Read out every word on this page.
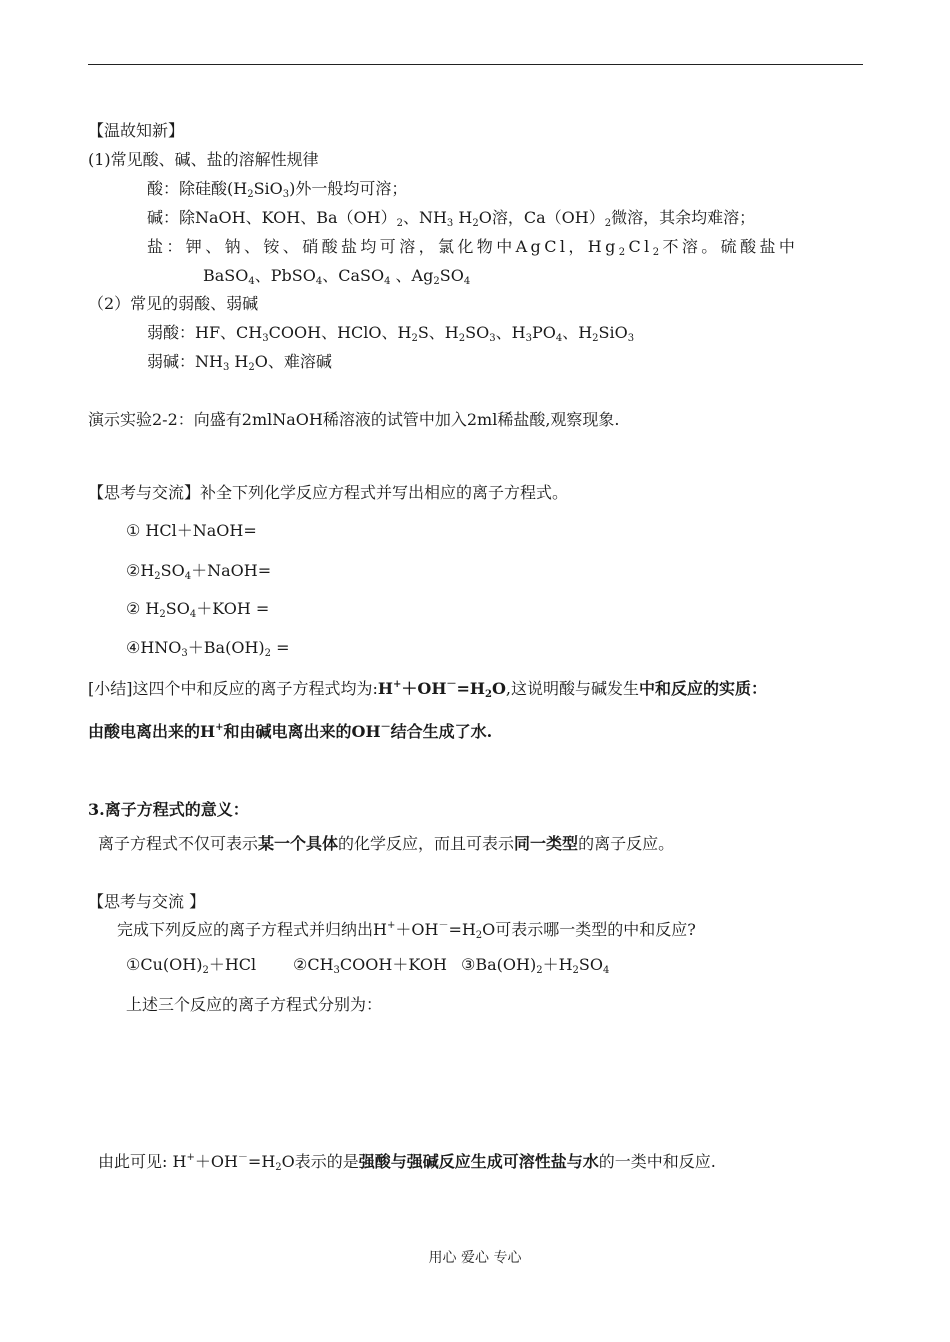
【温故知新】
(1)常见酸、碱、盐的溶解性规律
酸：除硅酸$(H_2SiO_3)$外一般均可溶；
碱：除NaOH、KOH、$Ba(OH)_2$、$NH_3$ $H_2O$溶，$Ca(OH)_2$微溶，其余均难溶；
盐：钾、钠、铵、硝酸盐均可溶，氯化物中AgCl，$Hg_2Cl_2$不溶。硫酸盐中
BaSO$_4$、PbSO$_4$、CaSO$_4$ 、$Ag_2SO_4$
（2）常见的弱酸、弱碱
弱酸：HF、$CH_3COOH$、HClO、$H_2S$、$H_2SO_3$、$H_3PO_4$、$H_2SiO_3$
弱碱：$NH_3$ $H_2O$、难溶碱
演示实验2-2：向盛有2mlNaOH稀溶液的试管中加入2ml稀盐酸,观察现象.
【思考与交流】补全下列化学反应方程式并写出相应的离子方程式。
① HCl＋NaOH=
$②H_2SO_4+NaOH=$
② $H_2SO_4+KOH$ =
$④HNO_3+Ba(OH)_2$ =
[小结]这四个中和反应的离子方程式均为$:H^++OH^-=H_2O$,这说明酸与碱发生中和反应的实质：
由酸电离出来的H+和由碱电离出来的OH－结合生成了水.
3.离子方程式的意义：
离子方程式不仅可表示某一个具体的化学反应，而且可表示同一类型的离子反应。
【思考与交流 】
完成下列反应的离子方程式并归纳出$H^++OH^-=H_2O$可表示哪一类型的中和反应?
$①Cu(OH)_2+HCl$ $②CH_3COOH+KOH$ $③Ba(OH)_2+H_2SO_4$
上述三个反应的离子方程式分别为：
由此可见: $H^++OH^-=H_2O$表示的是强酸与强碱反应生成可溶性盐与水的一类中和反应.
用心 爱心 专心
